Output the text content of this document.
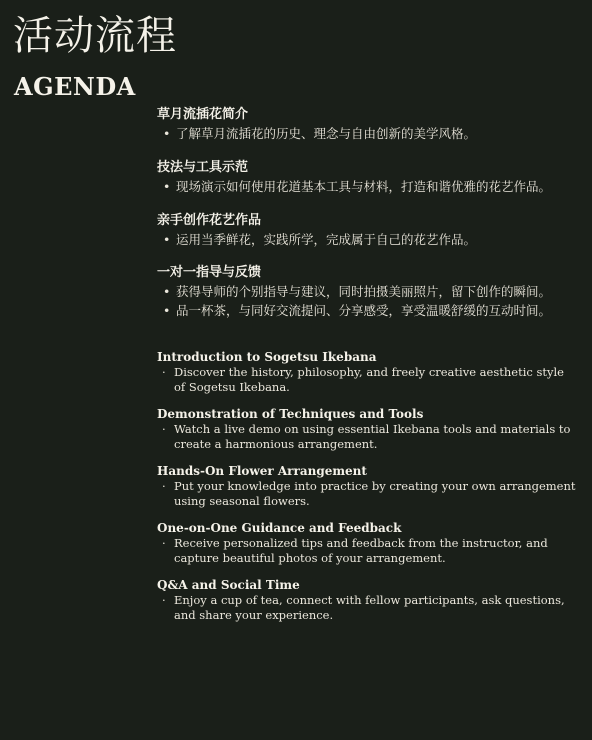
活动流程
AGENDA
草月流插花简介
• 了解草月流插花的历史、理念与自由创新的美学风格。
技法与工具示范
• 现场演示如何使用花道基本工具与材料，打造和谐优雅的花艺作品。
亲手创作花艺作品
• 运用当季鲜花，实践所学，完成属于自己的花艺作品。
一对一指导与反馈
• 获得导师的个别指导与建议，同时拍摄美丽照片，留下创作的瞬间。
• 品一杯茶，与同好交流提问、分享感受，享受温暖舒缓的互动时间。
Introduction to Sogetsu Ikebana
· Discover the history, philosophy, and freely creative aesthetic style of Sogetsu Ikebana.
Demonstration of Techniques and Tools
· Watch a live demo on using essential Ikebana tools and materials to create a harmonious arrangement.
Hands-On Flower Arrangement
· Put your knowledge into practice by creating your own arrangement using seasonal flowers.
One-on-One Guidance and Feedback
· Receive personalized tips and feedback from the instructor, and capture beautiful photos of your arrangement.
Q&A and Social Time
· Enjoy a cup of tea, connect with fellow participants, ask questions, and share your experience.
